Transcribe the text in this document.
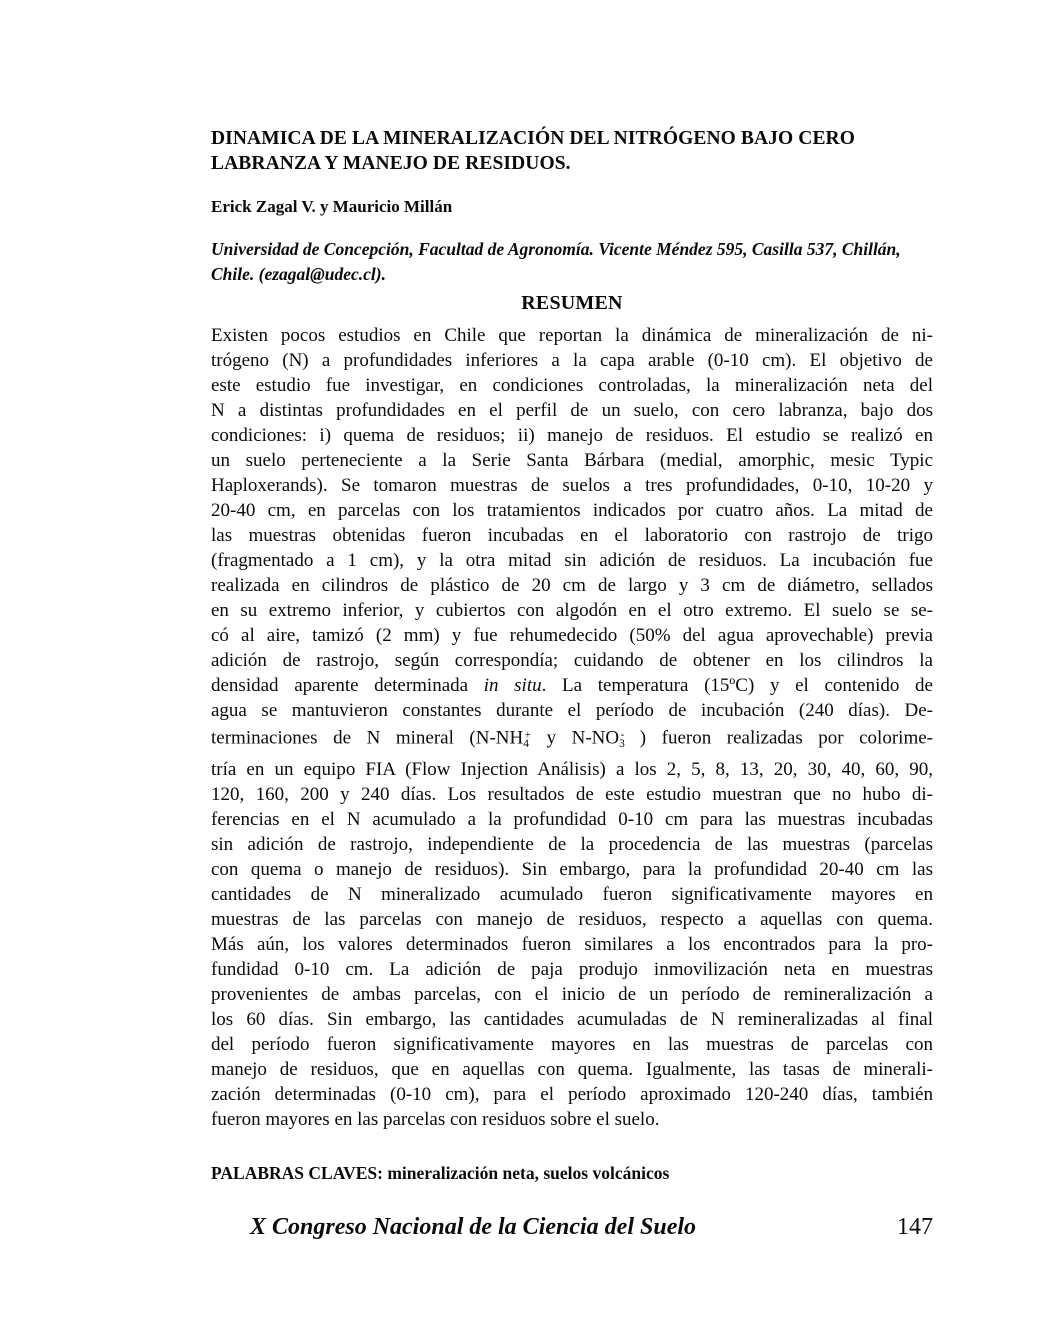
DINAMICA DE LA MINERALIZACIÓN DEL NITRÓGENO BAJO CERO
LABRANZA Y MANEJO DE RESIDUOS.
Erick Zagal V. y Mauricio Millán
Universidad de Concepción, Facultad de Agronomía. Vicente Méndez 595, Casilla 537, Chillán,
Chile. (ezagal@udec.cl).
RESUMEN
Existen pocos estudios en Chile que reportan la dinámica de mineralización de ni-
trógeno (N) a profundidades inferiores a la capa arable (0-10 cm). El objetivo de
este estudio fue investigar, en condiciones controladas, la mineralización neta del
N a distintas profundidades en el perfil de un suelo, con cero labranza, bajo dos
condiciones: i) quema de residuos; ii) manejo de residuos. El estudio se realizó en
un suelo perteneciente a la Serie Santa Bárbara (medial, amorphic, mesic Typic
Haploxerands). Se tomaron muestras de suelos a tres profundidades, 0-10, 10-20 y
20-40 cm, en parcelas con los tratamientos indicados por cuatro años. La mitad de
las muestras obtenidas fueron incubadas en el laboratorio con rastrojo de trigo
(fragmentado a 1 cm), y la otra mitad sin adición de residuos. La incubación fue
realizada en cilindros de plástico de 20 cm de largo y 3 cm de diámetro, sellados
en su extremo inferior, y cubiertos con algodón en el otro extremo. El suelo se se-
có al aire, tamizó (2 mm) y fue rehumedecido (50% del agua aprovechable) previa
adición de rastrojo, según correspondía; cuidando de obtener en los cilindros la
densidad aparente determinada in situ. La temperatura (15ºC) y el contenido de
agua se mantuvieron constantes durante el período de incubación (240 días). De-
terminaciones de N mineral (N-NH4+ y N-NO3- ) fueron realizadas por colorime-
tría en un equipo FIA (Flow Injection Análisis) a los 2, 5, 8, 13, 20, 30, 40, 60, 90,
120, 160, 200 y 240 días. Los resultados de este estudio muestran que no hubo di-
ferencias en el N acumulado a la profundidad 0-10 cm para las muestras incubadas
sin adición de rastrojo, independiente de la procedencia de las muestras (parcelas
con quema o manejo de residuos). Sin embargo, para la profundidad 20-40 cm las
cantidades de N mineralizado acumulado fueron significativamente mayores en
muestras de las parcelas con manejo de residuos, respecto a aquellas con quema.
Más aún, los valores determinados fueron similares a los encontrados para la pro-
fundidad 0-10 cm. La adición de paja produjo inmovilización neta en muestras
provenientes de ambas parcelas, con el inicio de un período de remineralización a
los 60 días. Sin embargo, las cantidades acumuladas de N remineralizadas al final
del período fueron significativamente mayores en las muestras de parcelas con
manejo de residuos, que en aquellas con quema. Igualmente, las tasas de minerali-
zación determinadas (0-10 cm), para el período aproximado 120-240 días, también
fueron mayores en las parcelas con residuos sobre el suelo.
PALABRAS CLAVES: mineralización neta, suelos volcánicos
X Congreso Nacional de la Ciencia del Suelo	147
